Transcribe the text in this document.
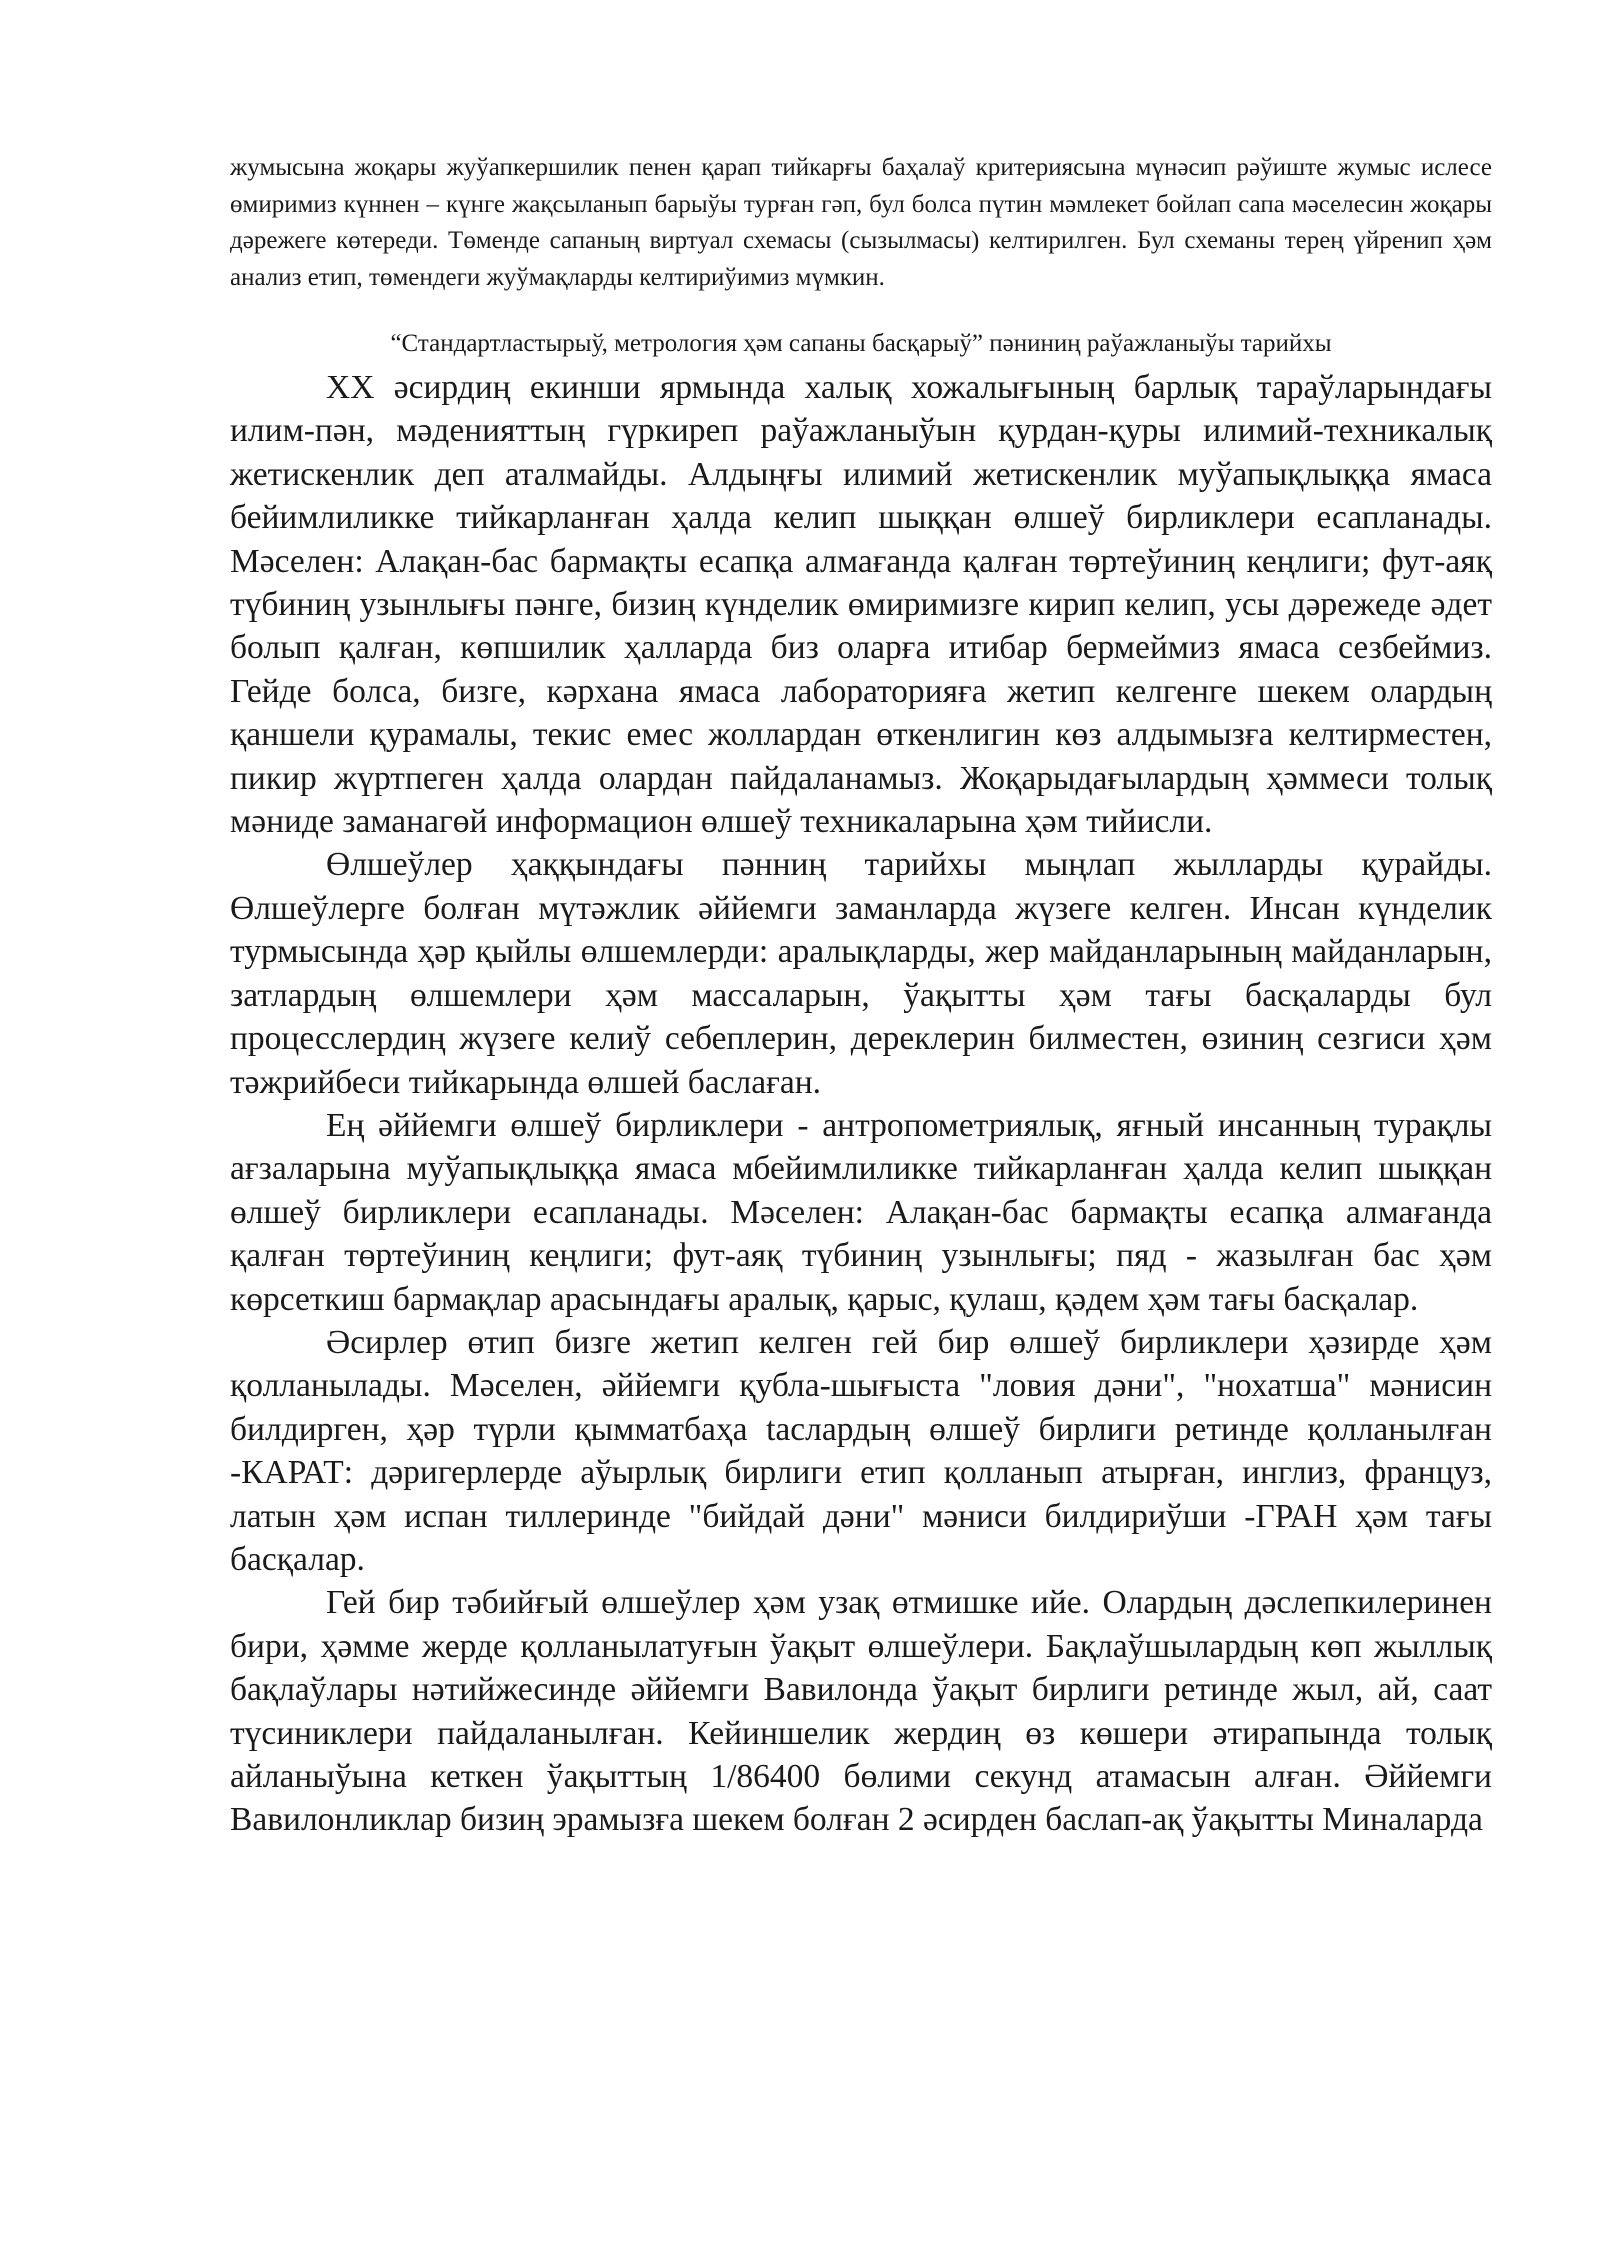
жумысына жоқары жуўапкершилик пенен қарап тийкарғы баҳалаў критериясына мүнәсип рәўиште жумыс ислесе өмиримиз күннен – күнге жақсыланып барыўы турған гәп, бул болса пүтин мәмлекет бойлап сапа мәселесин жоқары дәрежеге көтереди. Төменде сапаның виртуал схемасы (сызылмасы) келтирилген. Бул схеманы терең үйренип ҳәм анализ етип, төмендеги жуўмақларды келтириўимиз мүмкин.

“Стандартластырыў, метрология ҳәм сапаны басқарыў” пәниниң раўажланыўы тарийхы

XX әсирдиң екинши ярмында халық хожалығының барлық тараўларындағы илим-пән, мәденияттың гүркиреп раўажланыўын қурдан-қуры илимий-техникалық жетискенлик деп аталмайды. Алдыңғы илимий жетискенлик муўапықлыққа ямаса бейимлиликке тийкарланған ҳалда келип шыққан өлшеў бирликлери есапланады. Мәселен: Алақан-бас бармақты есапқа алмағанда қалған төртеўиниң кеңлиги; фут-аяқ түбиниң узынлығы пәнге, бизиң күнделик өмиримизге кирип келип, усы дәрежеде әдет болып қалған, көпшилик ҳалларда биз оларға итибар бермеймиз ямаса сезбеймиз. Гейде болса, бизге, кәрхана ямаса лабораторияға жетип келгенге шекем олардың қаншели қурамалы, текис емес жоллардан өткенлигин көз алдымызға келтирместен, пикир жүртпеген ҳалда олардан пайдаланамыз. Жоқарыдағылардың ҳәммеси толық мәниде заманагөй информацион өлшеў техникаларына ҳәм тийисли.

Өлшеўлер ҳаққындағы пәнниң тарийхы мыңлап жылларды қурайды. Өлшеўлерге болған мүтәжлик әййемги заманларда жүзеге келген. Инсан күнделик турмысында ҳәр қыйлы өлшемлерди: аралықларды, жер майданларының майданларын, затлардың өлшемлери ҳәм массаларын, ўақытты ҳәм тағы басқаларды бул процесслердиң жүзеге келиў себеплерин, дереклерин билместен, өзиниң сезгиси ҳәм тәжрийбеси тийкарында өлшей баслаған.

Ең әййемги өлшеў бирликлери - антропометриялық, яғный инсанның турақлы ағзаларына муўапықлыққа ямаса мбейимлиликке тийкарланған ҳалда келип шыққан өлшеў бирликлери есапланады. Мәселен: Алақан-бас бармақты есапқа алмағанда қалған төртеўиниң кеңлиги; фут-аяқ түбиниң узынлығы; пяд - жазылған бас ҳәм көрсеткиш бармақлар арасындағы аралық, қарыс, қулаш, қәдем ҳәм тағы басқалар.

Әсирлер өтип бизге жетип келген гей бир өлшеў бирликлери ҳәзирде ҳәм қолланылады. Мәселен, әййемги қубла-шығыста "ловия дәни", "нохатша" мәнисин билдирген, ҳәр түрли қымматбаҳа taслардың өлшеў бирлиги ретинде қолланылған -КАРАТ: дәригерлерде аўырлық бирлиги етип қолланып атырған, инглиз, француз, латын ҳәм испан тиллеринде "бийдай дәни" мәниси билдириўши -ГРАН ҳәм тағы басқалар.

Гей бир тәбийғый өлшеўлер ҳәм узақ өтмишке ийе. Олардың дәслепкилеринен бири, ҳәмме жерде қолланылатуғын ўақыт өлшеўлери. Бақлаўшылардың көп жыллық бақлаўлары нәтийжесинде әййемги Вавилонда ўақыт бирлиги ретинде жыл, ай, саат түсиниклери пайдаланылған. Кейиншелик жердиң өз көшери әтирапында толық айланыўына кеткен ўақыттың 1/86400 бөлими секунд атамасын алған. Әййемги Вавилонликлар бизиң эрамызға шекем болған 2 әсирден баслап-ақ ўақытты Миналарда
